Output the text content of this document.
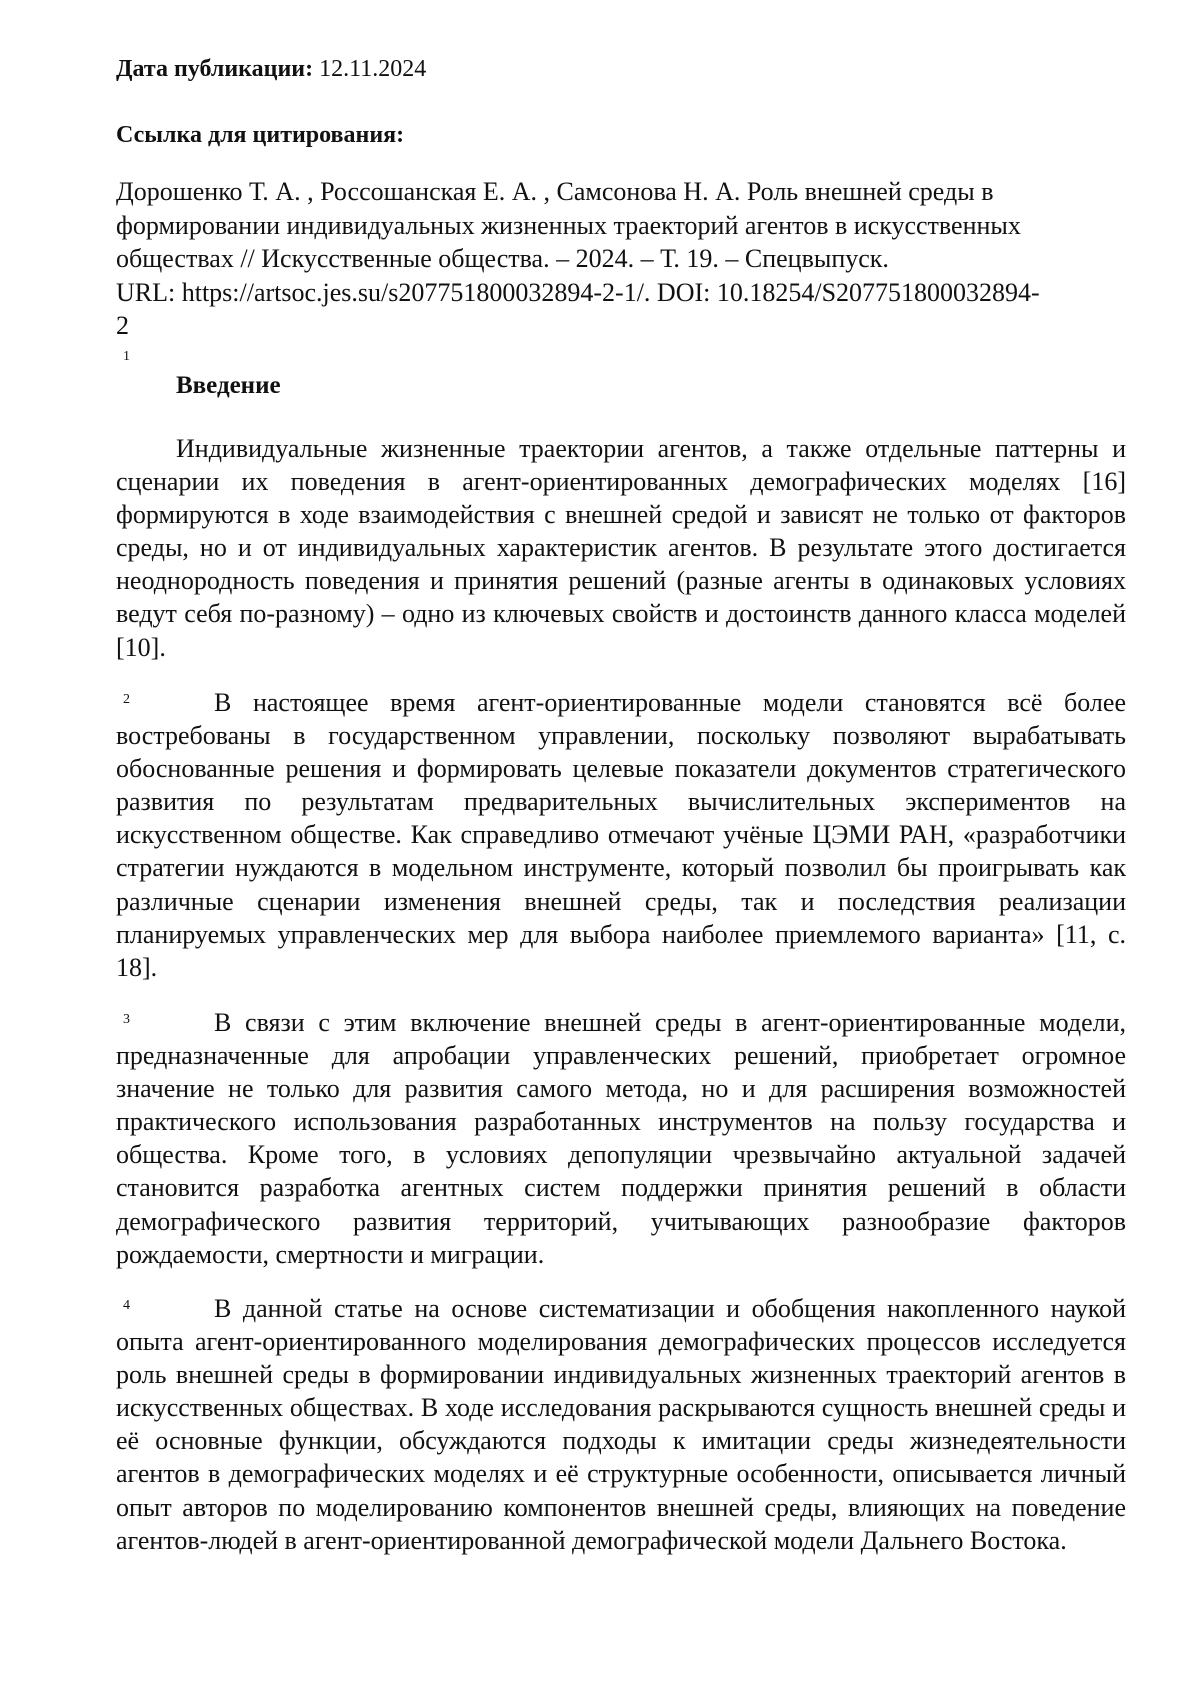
Дата публикации: 12.11.2024
Ссылка для цитирования:
Дорошенко Т. А. , Россошанская Е. А. , Самсонова Н. А. Роль внешней среды в
формировании индивидуальных жизненных траекторий агентов в искусственных
обществах // Искусственные общества. – 2024. – Т. 19. – Спецвыпуск.
URL: https://artsoc.jes.su/s207751800032894-2-1/. DOI: 10.18254/S207751800032894-
2
1
Введение

Индивидуальные жизненные траектории агентов, а также отдельные паттерны и сценарии их поведения в агент-ориентированных демографических моделях [16] формируются в ходе взаимодействия с внешней средой и зависят не только от факторов среды, но и от индивидуальных характеристик агентов. В результате этого достигается неоднородность поведения и принятия решений (разные агенты в одинаковых условиях ведут себя по-разному) – одно из ключевых свойств и достоинств данного класса моделей [10].

2	В настоящее время агент-ориентированные модели становятся всё более востребованы в государственном управлении, поскольку позволяют вырабатывать обоснованные решения и формировать целевые показатели документов стратегического развития по результатам предварительных вычислительных экспериментов на искусственном обществе. Как справедливо отмечают учёные ЦЭМИ РАН, «разработчики стратегии нуждаются в модельном инструменте, который позволил бы проигрывать как различные сценарии изменения внешней среды, так и последствия реализации планируемых управленческих мер для выбора наиболее приемлемого варианта» [11, с. 18].

3	В связи с этим включение внешней среды в агент-ориентированные модели, предназначенные для апробации управленческих решений, приобретает огромное значение не только для развития самого метода, но и для расширения возможностей практического использования разработанных инструментов на пользу государства и общества. Кроме того, в условиях депопуляции чрезвычайно актуальной задачей становится разработка агентных систем поддержки принятия решений в области демографического развития территорий, учитывающих разнообразие факторов рождаемости, смертности и миграции.

4	В данной статье на основе систематизации и обобщения накопленного наукой опыта агент-ориентированного моделирования демографических процессов исследуется роль внешней среды в формировании индивидуальных жизненных траекторий агентов в искусственных обществах. В ходе исследования раскрываются сущность внешней среды и её основные функции, обсуждаются подходы к имитации среды жизнедеятельности агентов в демографических моделях и её структурные особенности, описывается личный опыт авторов по моделированию компонентов внешней среды, влияющих на поведение агентов-людей в агент-ориентированной демографической модели Дальнего Востока.
